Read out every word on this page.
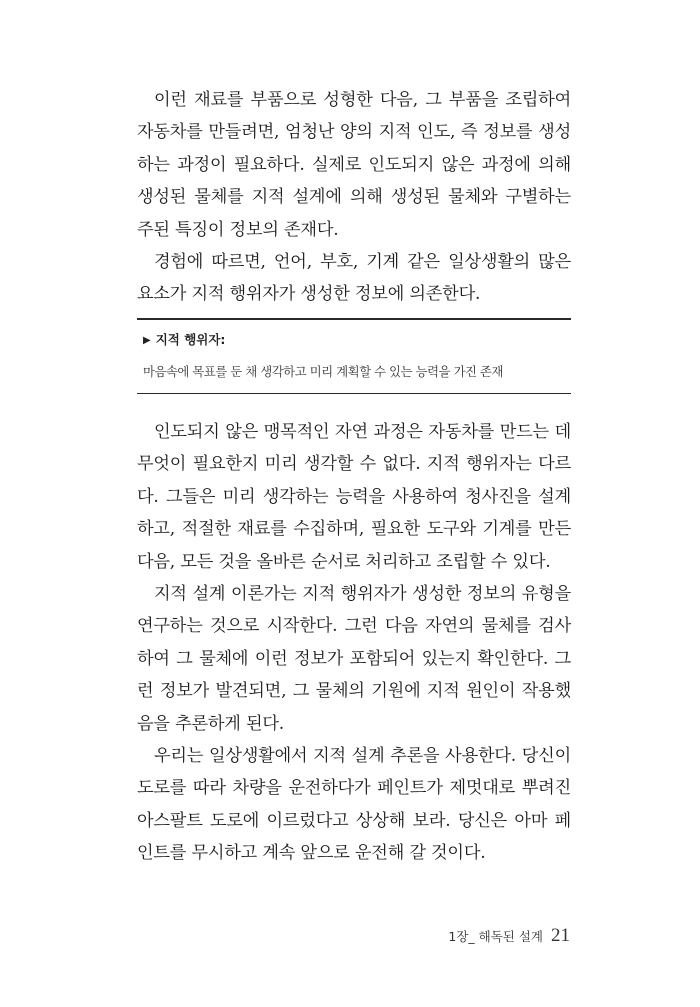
이런 재료를 부품으로 성형한 다음, 그 부품을 조립하여 자동차를 만들려면, 엄청난 양의 지적 인도, 즉 정보를 생성하는 과정이 필요하다. 실제로 인도되지 않은 과정에 의해 생성된 물체를 지적 설계에 의해 생성된 물체와 구별하는 주된 특징이 정보의 존재다.

경험에 따르면, 언어, 부호, 기계 같은 일상생활의 많은 요소가 지적 행위자가 생성한 정보에 의존한다.

▶ 지적 행위자:
마음속에 목표를 둔 채 생각하고 미리 계획할 수 있는 능력을 가진 존재

인도되지 않은 맹목적인 자연 과정은 자동차를 만드는 데 무엇이 필요한지 미리 생각할 수 없다. 지적 행위자는 다르다. 그들은 미리 생각하는 능력을 사용하여 청사진을 설계하고, 적절한 재료를 수집하며, 필요한 도구와 기계를 만든 다음, 모든 것을 올바른 순서로 처리하고 조립할 수 있다.

지적 설계 이론가는 지적 행위자가 생성한 정보의 유형을 연구하는 것으로 시작한다. 그런 다음 자연의 물체를 검사하여 그 물체에 이런 정보가 포함되어 있는지 확인한다. 그런 정보가 발견되면, 그 물체의 기원에 지적 원인이 작용했음을 추론하게 된다.

우리는 일상생활에서 지적 설계 추론을 사용한다. 당신이 도로를 따라 차량을 운전하다가 페인트가 제멋대로 뿌려진 아스팔트 도로에 이르렀다고 상상해 보라. 당신은 아마 페인트를 무시하고 계속 앞으로 운전해 갈 것이다.

1장_ 해독된 설계 21
